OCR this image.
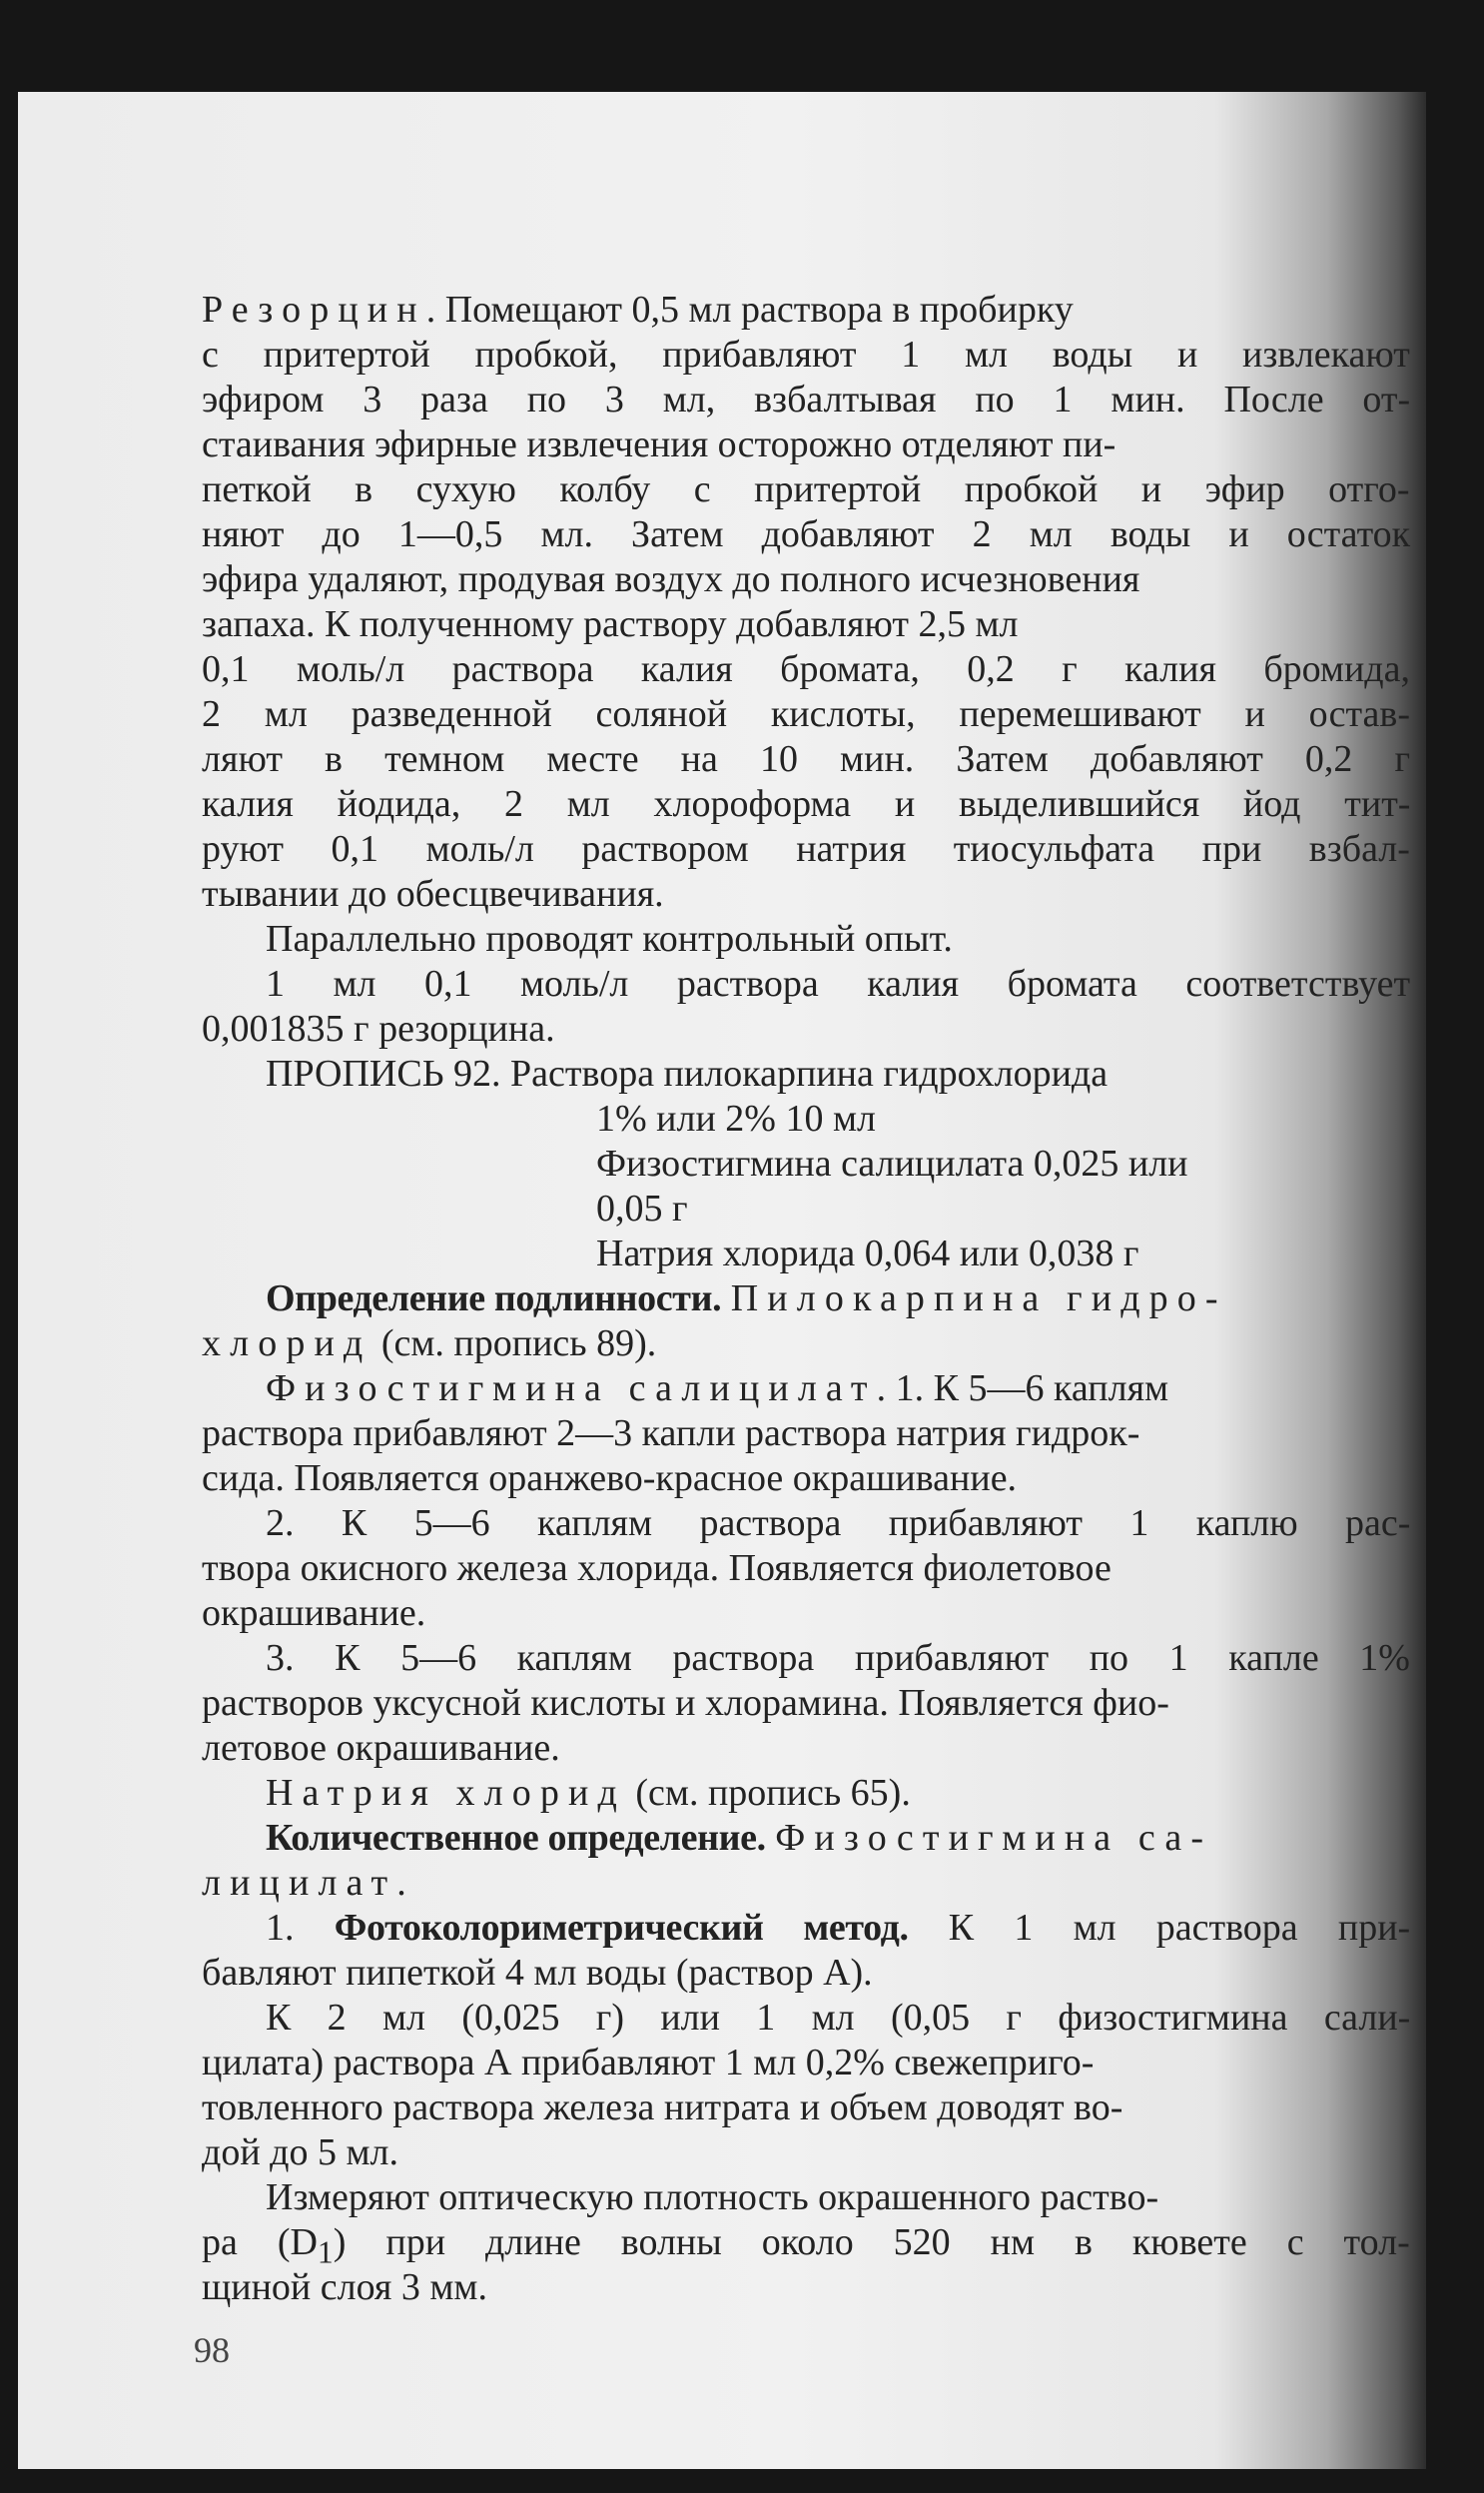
Резорцин. Помещают 0,5 мл раствора в пробирку
с притертой пробкой, прибавляют 1 мл воды и извлекают
эфиром 3 раза по 3 мл, взбалтывая по 1 мин. После от-
стаивания эфирные извлечения осторожно отделяют пи-
петкой в сухую колбу с притертой пробкой и эфир отго-
няют до 1—0,5 мл. Затем добавляют 2 мл воды и остаток
эфира удаляют, продувая воздух до полного исчезновения
запаха. К полученному раствору добавляют 2,5 мл
0,1 моль/л раствора калия бромата, 0,2 г калия бромида,
2 мл разведенной соляной кислоты, перемешивают и остав-
ляют в темном месте на 10 мин. Затем добавляют 0,2 г
калия йодида, 2 мл хлороформа и выделившийся йод тит-
руют 0,1 моль/л раствором натрия тиосульфата при взбал-
тывании до обесцвечивания.
Параллельно проводят контрольный опыт.
1 мл 0,1 моль/л раствора калия бромата соответствует
0,001835 г резорцина.
ПРОПИСЬ 92. Раствора пилокарпина гидрохлорида
1% или 2% 10 мл
Физостигмина салицилата 0,025 или
0,05 г
Натрия хлорида 0,064 или 0,038 г
Определение подлинности. Пилокарпина гидро-
хлорид (см. пропись 89).
Физостигмина салицилат. 1. К 5—6 каплям
раствора прибавляют 2—3 капли раствора натрия гидрок-
сида. Появляется оранжево-красное окрашивание.
2. К 5—6 каплям раствора прибавляют 1 каплю рас-
твора окисного железа хлорида. Появляется фиолетовое
окрашивание.
3. К 5—6 каплям раствора прибавляют по 1 капле 1%
растворов уксусной кислоты и хлорамина. Появляется фио-
летовое окрашивание.
Натрия хлорид (см. пропись 65).
Количественное определение. Физостигмина са-
лицилат.
1. Фотоколориметрический метод. К 1 мл раствора при-
бавляют пипеткой 4 мл воды (раствор А).
К 2 мл (0,025 г) или 1 мл (0,05 г физостигмина сали-
цилата) раствора А прибавляют 1 мл 0,2% свежеприго-
товленного раствора железа нитрата и объем доводят во-
дой до 5 мл.
Измеряют оптическую плотность окрашенного раство-
ра $(D_1)$ при длине волны около 520 нм в кювете с тол-
щиной слоя 3 мм.
98
